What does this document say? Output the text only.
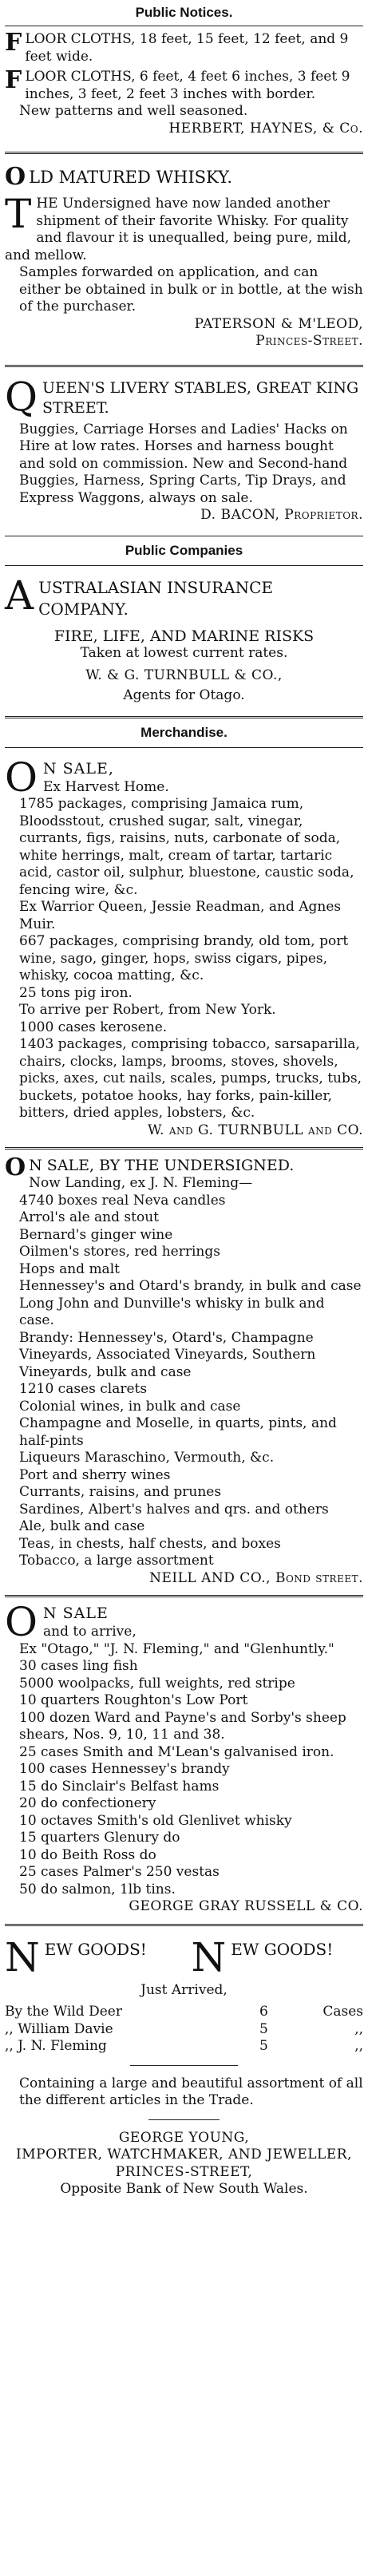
Public Notices.

FLOOR CLOTHS, 18 feet, 15 feet, 12 feet, and 9 feet wide.

FLOOR CLOTHS, 6 feet, 4 feet 6 inches, 3 feet 9 inches, 3 feet, 2 feet 3 inches with border.

New patterns and well seasoned.

HERBERT, HAYNES, & Co.

O LD MATURED WHISKY.

THE Undersigned have now landed another shipment of their favorite Whisky. For quality and flavour it is unequalled, being pure, mild, and mellow.

Samples forwarded on application, and can either be obtained in bulk or in bottle, at the wish of the purchaser.

PATERSON & M'LEOD,

Princes-Street.

QUEEN'S LIVERY STABLES, GREAT KING STREET.

Buggies, Carriage Horses and Ladies' Hacks on Hire at low rates. Horses and harness bought and sold on commission. New and Second-hand Buggies, Harness, Spring Carts, Tip Drays, and Express Waggons, always on sale.

D. BACON, Proprietor.

Public Companies

AUSTRALASIAN INSURANCE COMPANY.

FIRE, LIFE, AND MARINE RISKS

Taken at lowest current rates.

W. & G. TURNBULL & CO.,

Agents for Otago.

Merchandise.

O N SALE,

Ex Harvest Home.

1785 packages, comprising Jamaica rum, Bloodsstout, crushed sugar, salt, vinegar, currants, figs, raisins, nuts, carbonate of soda, white herrings, malt, cream of tartar, tartaric acid, castor oil, sulphur, bluestone, caustic soda, fencing wire, &c.

Ex Warrior Queen, Jessie Readman, and Agnes Muir.

667 packages, comprising brandy, old tom, port wine, sago, ginger, hops, swiss cigars, pipes, whisky, cocoa matting, &c.

25 tons pig iron.

To arrive per Robert, from New York.

1000 cases kerosene.

1403 packages, comprising tobacco, sarsaparilla, chairs, clocks, lamps, brooms, stoves, shovels, picks, axes, cut nails, scales, pumps, trucks, tubs, buckets, potatoe hooks, hay forks, pain-killer, bitters, dried apples, lobsters, &c.

W. and G. TURNBULL and CO.

O N SALE, BY THE UNDERSIGNED.

Now Landing, ex J. N. Fleming—

4740 boxes real Neva candles

Arrol's ale and stout

Bernard's ginger wine

Oilmen's stores, red herrings

Hops and malt

Hennessey's and Otard's brandy, in bulk and case

Long John and Dunville's whisky in bulk and case.

Brandy: Hennessey's, Otard's, Champagne Vineyards, Associated Vineyards, Southern Vineyards, bulk and case

1210 cases clarets

Colonial wines, in bulk and case

Champagne and Moselle, in quarts, pints, and half-pints

Liqueurs Maraschino, Vermouth, &c.

Port and sherry wines

Currants, raisins, and prunes

Sardines, Albert's halves and qrs. and others

Ale, bulk and case

Teas, in chests, half chests, and boxes

Tobacco, a large assortment

NEILL AND CO., Bond street.

O N SALE

and to arrive,

Ex "Otago," "J. N. Fleming," and "Glenhuntly."

30 cases ling fish

5000 woolpacks, full weights, red stripe

10 quarters Roughton's Low Port

100 dozen Ward and Payne's and Sorby's sheep shears, Nos. 9, 10, 11 and 38.

25 cases Smith and M'Lean's galvanised iron.

100 cases Hennessey's brandy

15 do Sinclair's Belfast hams

20 do confectionery

10 octaves Smith's old Glenlivet whisky

15 quarters Glenury do

10 do Beith Ross do

25 cases Palmer's 250 vestas

50 do salmon, 1lb tins.

GEORGE GRAY RUSSELL & CO.

NEW GOODS!	NEW GOODS!

Just Arrived,

By the Wild Deer	6	Cases
,, William Davie	5	,,
,, J. N. Fleming	5	,,

Containing a large and beautiful assortment of all the different articles in the Trade.

GEORGE YOUNG,

IMPORTER, WATCHMAKER, AND JEWELLER, PRINCES-STREET,

Opposite Bank of New South Wales.
